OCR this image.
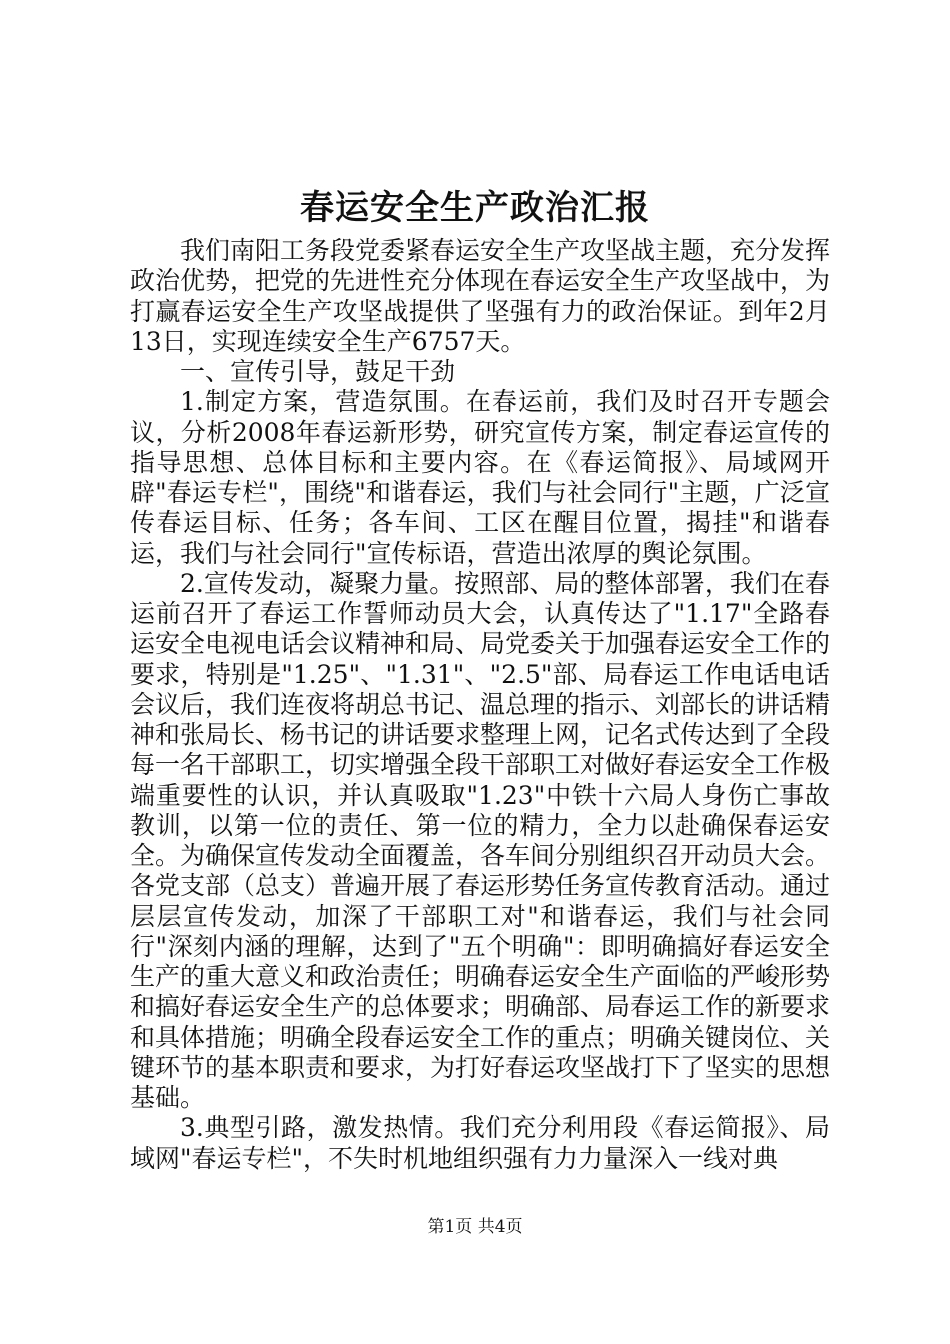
春运安全生产政治汇报

我们南阳工务段党委紧春运安全生产攻坚战主题，充分发挥政治优势，把党的先进性充分体现在春运安全生产攻坚战中，为打赢春运安全生产攻坚战提供了坚强有力的政治保证。到年2月13日，实现连续安全生产6757天。

一、宣传引导，鼓足干劲

1.制定方案，营造氛围。在春运前，我们及时召开专题会议，分析2008年春运新形势，研究宣传方案，制定春运宣传的指导思想、总体目标和主要内容。在《春运简报》、局域网开辟"春运专栏"，围绕"和谐春运，我们与社会同行"主题，广泛宣传春运目标、任务；各车间、工区在醒目位置，揭挂"和谐春运，我们与社会同行"宣传标语，营造出浓厚的舆论氛围。

2.宣传发动，凝聚力量。按照部、局的整体部署，我们在春运前召开了春运工作誓师动员大会，认真传达了"1.17"全路春运安全电视电话会议精神和局、局党委关于加强春运安全工作的要求，特别是"1.25"、"1.31"、"2.5"部、局春运工作电话电话会议后，我们连夜将胡总书记、温总理的指示、刘部长的讲话精神和张局长、杨书记的讲话要求整理上网，记名式传达到了全段每一名干部职工，切实增强全段干部职工对做好春运安全工作极端重要性的认识，并认真吸取"1.23"中铁十六局人身伤亡事故教训，以第一位的责任、第一位的精力，全力以赴确保春运安全。为确保宣传发动全面覆盖，各车间分别组织召开动员大会。各党支部（总支）普遍开展了春运形势任务宣传教育活动。通过层层宣传发动，加深了干部职工对"和谐春运，我们与社会同行"深刻内涵的理解，达到了"五个明确"：即明确搞好春运安全生产的重大意义和政治责任；明确春运安全生产面临的严峻形势和搞好春运安全生产的总体要求；明确部、局春运工作的新要求和具体措施；明确全段春运安全工作的重点；明确关键岗位、关键环节的基本职责和要求，为打好春运攻坚战打下了坚实的思想基础。

3.典型引路，激发热情。我们充分利用段《春运简报》、局域网"春运专栏"，不失时机地组织强有力力量深入一线对典

第1页 共4页
